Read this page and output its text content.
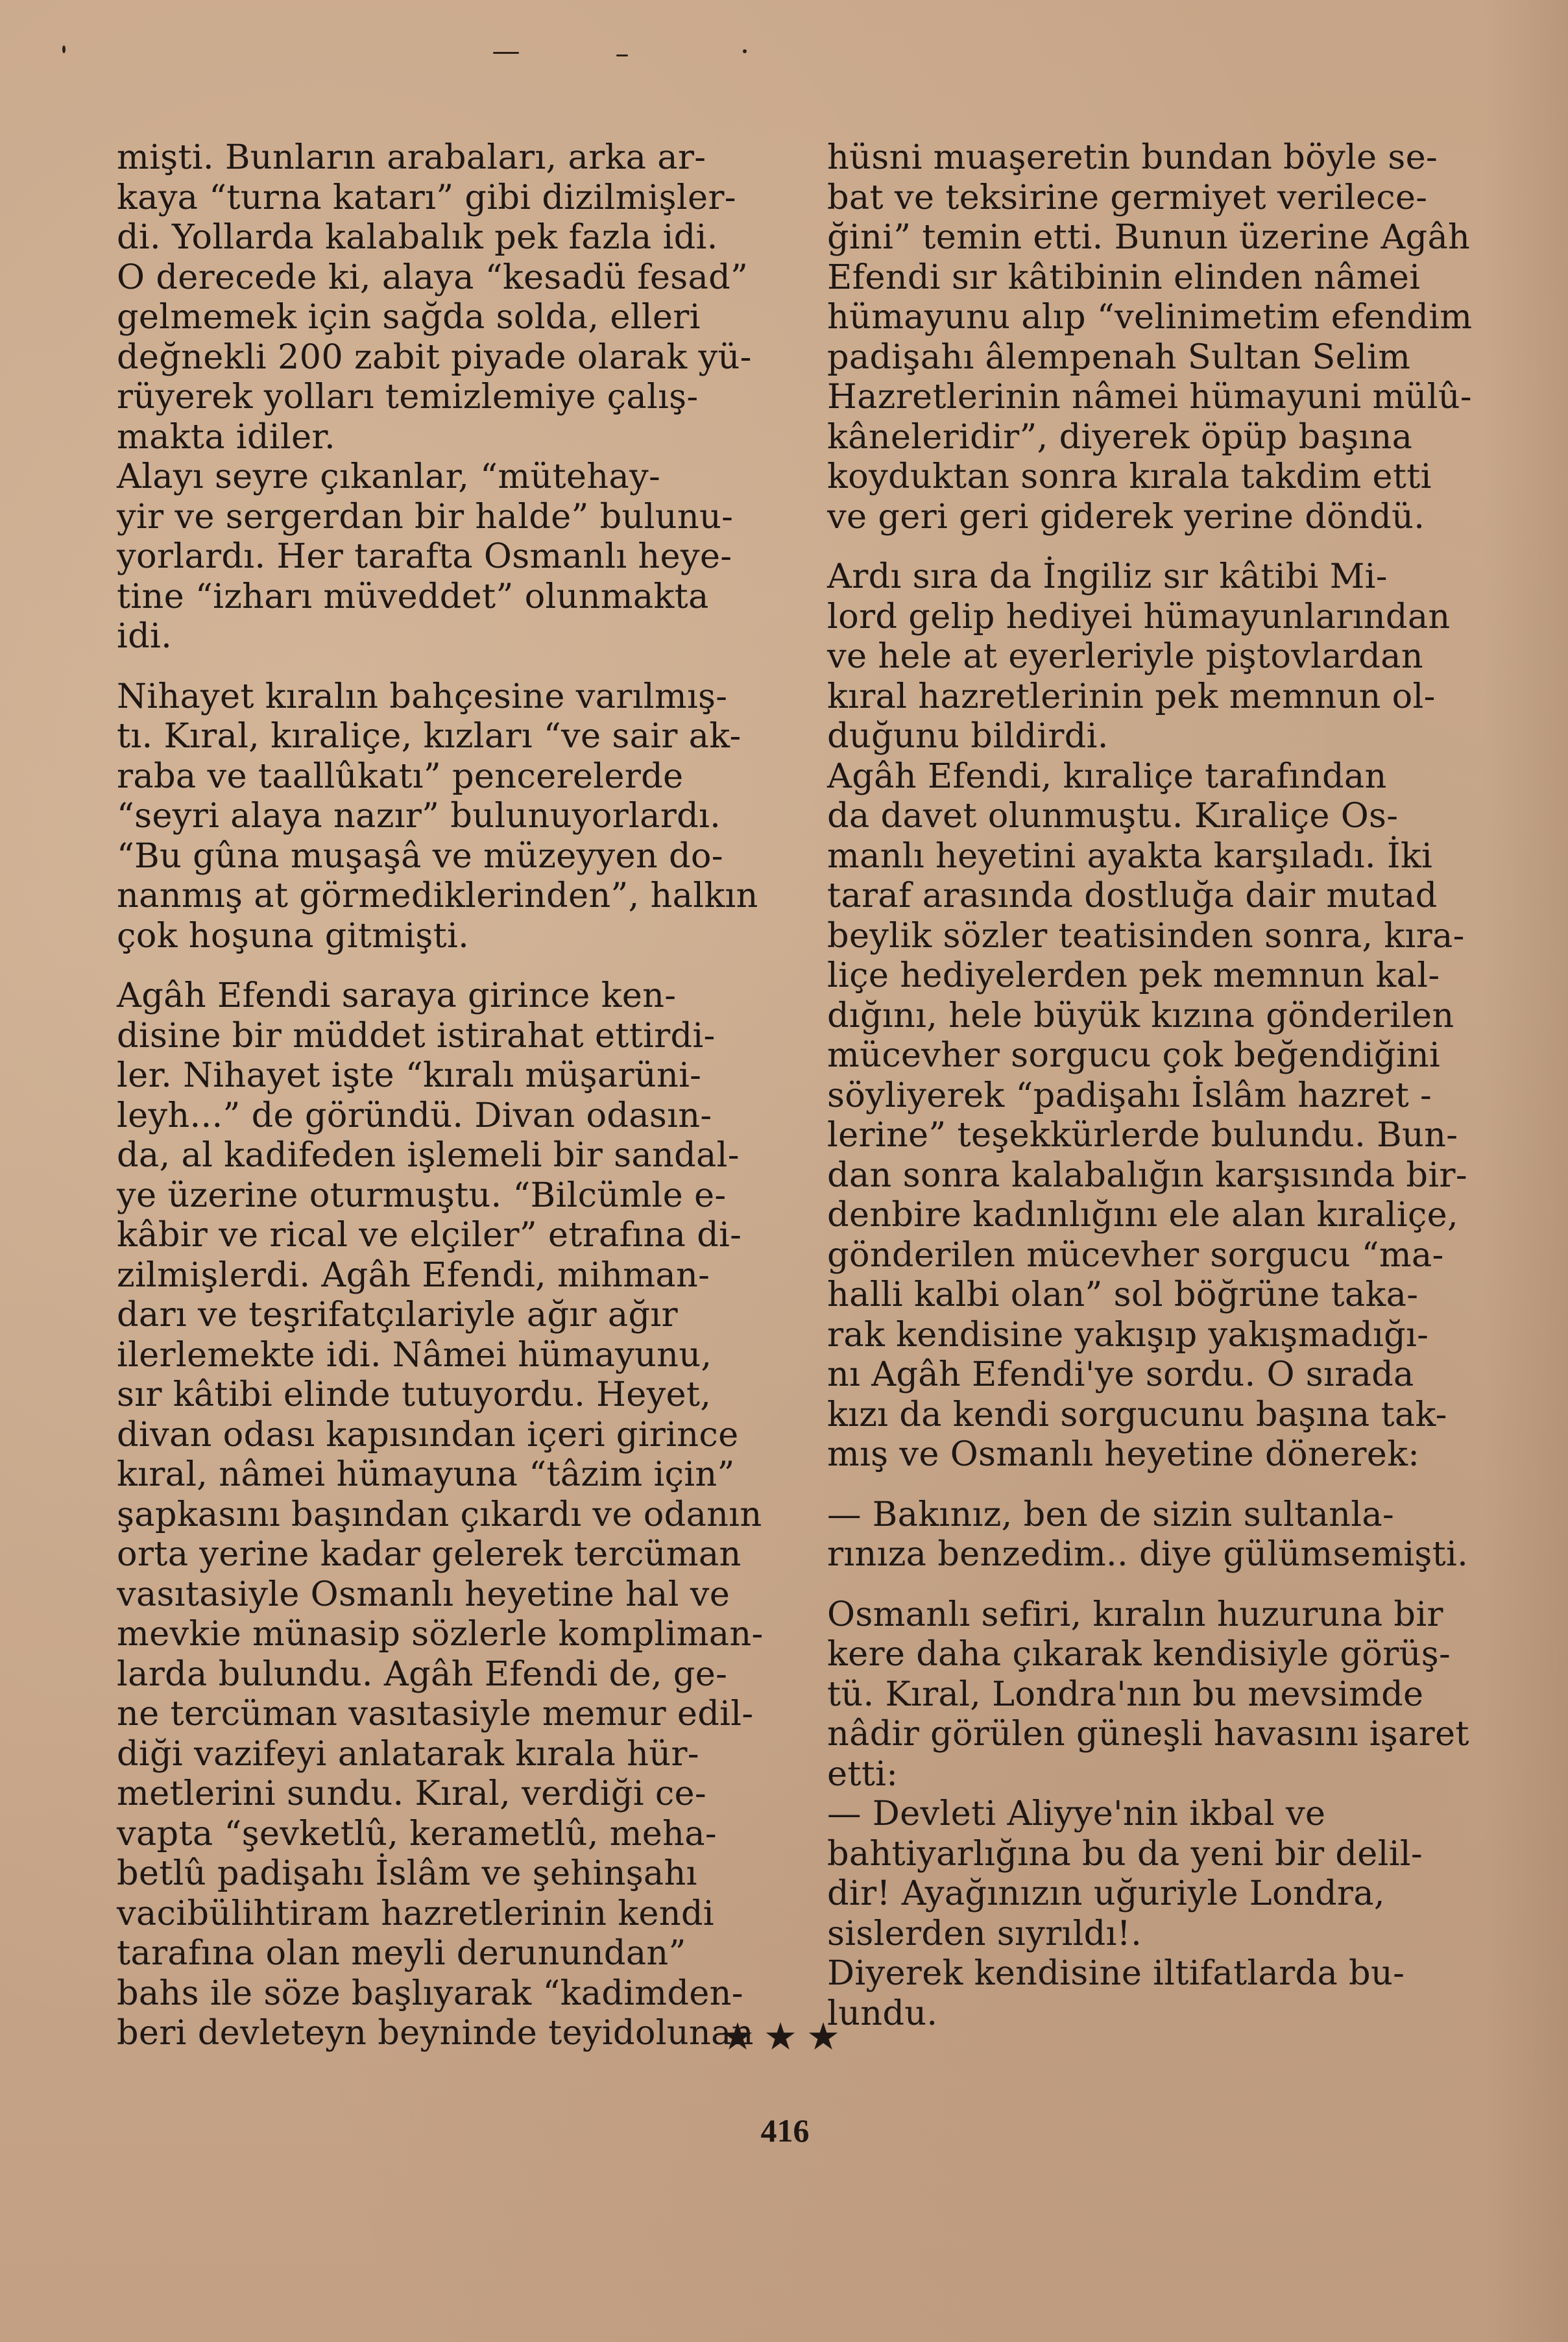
mişti. Bunların arabaları, arka ar-
kaya “turna katarı” gibi dizilmişler-
di. Yollarda kalabalık pek fazla idi.
O derecede ki, alaya “kesadü fesad”
gelmemek için sağda solda, elleri
değnekli 200 zabit piyade olarak yü-
rüyerek yolları temizlemiye çalış-
makta idiler.
Alayı seyre çıkanlar, “mütehay-
yir ve sergerdan bir halde” bulunu-
yorlardı. Her tarafta Osmanlı heye-
tine “izharı müveddet” olunmakta
idi.
Nihayet kıralın bahçesine varılmış-
tı. Kıral, kıraliçe, kızları “ve sair ak-
raba ve taallûkatı” pencerelerde
“seyri alaya nazır” bulunuyorlardı.
“Bu gûna muşaşâ ve müzeyyen do-
nanmış at görmediklerinden”, halkın
çok hoşuna gitmişti.
Agâh Efendi saraya girince ken-
disine bir müddet istirahat ettirdi-
ler. Nihayet işte “kıralı müşarüni-
leyh...” de göründü. Divan odasın-
da, al kadifeden işlemeli bir sandal-
ye üzerine oturmuştu. “Bilcümle e-
kâbir ve rical ve elçiler” etrafına di-
zilmişlerdi. Agâh Efendi, mihman-
darı ve teşrifatçılariyle ağır ağır
ilerlemekte idi. Nâmei hümayunu,
sır kâtibi elinde tutuyordu. Heyet,
divan odası kapısından içeri girince
kıral, nâmei hümayuna “tâzim için”
şapkasını başından çıkardı ve odanın
orta yerine kadar gelerek tercüman
vasıtasiyle Osmanlı heyetine hal ve
mevkie münasip sözlerle kompliman-
larda bulundu. Agâh Efendi de, ge-
ne tercüman vasıtasiyle memur edil-
diği vazifeyi anlatarak kırala hür-
metlerini sundu. Kıral, verdiği ce-
vapta “şevketlû, kerametlû, meha-
betlû padişahı İslâm ve şehinşahı
vacibülihtiram hazretlerinin kendi
tarafına olan meyli derunundan”
bahs ile söze başlıyarak “kadimden-
beri devleteyn beyninde teyidolunan
hüsni muaşeretin bundan böyle se-
bat ve teksirine germiyet verilece-
ğini” temin etti. Bunun üzerine Agâh
Efendi sır kâtibinin elinden nâmei
hümayunu alıp “velinimetim efendim
padişahı âlempenah Sultan Selim
Hazretlerinin nâmei hümayuni mülû-
kâneleridir”, diyerek öpüp başına
koyduktan sonra kırala takdim etti
ve geri geri giderek yerine döndü.
Ardı sıra da İngiliz sır kâtibi Mi-
lord gelip hediyei hümayunlarından
ve hele at eyerleriyle piştovlardan
kıral hazretlerinin pek memnun ol-
duğunu bildirdi.
Agâh Efendi, kıraliçe tarafından
da davet olunmuştu. Kıraliçe Os-
manlı heyetini ayakta karşıladı. İki
taraf arasında dostluğa dair mutad
beylik sözler teatisinden sonra, kıra-
liçe hediyelerden pek memnun kal-
dığını, hele büyük kızına gönderilen
mücevher sorgucu çok beğendiğini
söyliyerek “padişahı İslâm hazret -
lerine” teşekkürlerde bulundu. Bun-
dan sonra kalabalığın karşısında bir-
denbire kadınlığını ele alan kıraliçe,
gönderilen mücevher sorgucu “ma-
halli kalbi olan” sol böğrüne taka-
rak kendisine yakışıp yakışmadığı-
nı Agâh Efendi'ye sordu. O sırada
kızı da kendi sorgucunu başına tak-
mış ve Osmanlı heyetine dönerek:
— Bakınız, ben de sizin sultanla-
rınıza benzedim.. diye gülümsemişti.
Osmanlı sefiri, kıralın huzuruna bir
kere daha çıkarak kendisiyle görüş-
tü. Kıral, Londra'nın bu mevsimde
nâdir görülen güneşli havasını işaret
etti:
— Devleti Aliyye'nin ikbal ve
bahtiyarlığına bu da yeni bir delil-
dir! Ayağınızın uğuriyle Londra,
sislerden sıyrıldı!.
Diyerek kendisine iltifatlarda bu-
lundu.
★★★
416
